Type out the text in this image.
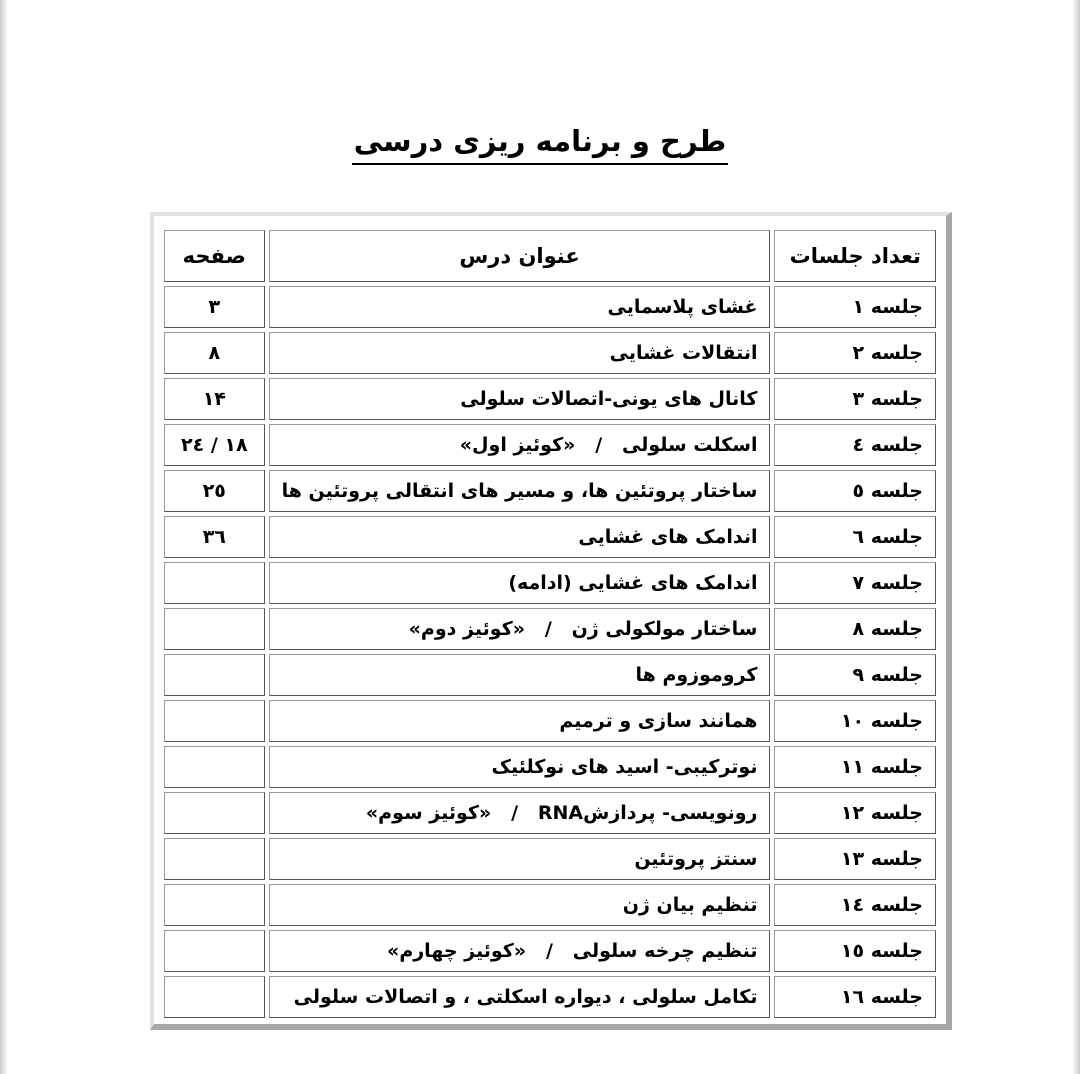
طرح و برنامه ریزی درسی
تعداد جلسات	عنوان درس	صفحه
جلسه ۱	غشای پلاسمایی	۳
جلسه ۲	انتقالات غشایی	۸
جلسه ۳	کانال های یونی-اتصالات سلولی	۱۴
جلسه ٤	اسکلت سلولی   /   «کوئیز اول»	۱۸ / ۲٤
جلسه ٥	ساختار پروتئین ها، و مسیر های انتقالی پروتئین ها	۲٥
جلسه ٦	اندامک های غشایی	۳٦
جلسه ۷	اندامک های غشایی (ادامه)	
جلسه ۸	ساختار مولکولی ژن   /   «کوئیز دوم»	
جلسه ۹	کروموزوم ها	
جلسه ۱۰	همانند سازی و ترمیم	
جلسه ۱۱	نوترکیبی- اسید های نوکلئیک	
جلسه ۱۲	رونویسی- پردازشRNA   /   «کوئیز سوم»	
جلسه ۱۳	سنتز پروتئین	
جلسه ۱٤	تنظیم بیان ژن	
جلسه ۱٥	تنظیم چرخه سلولی   /   «کوئیز چهارم»	
جلسه ۱٦	تکامل سلولی ، دیواره اسکلتی ، و اتصالات سلولی	
